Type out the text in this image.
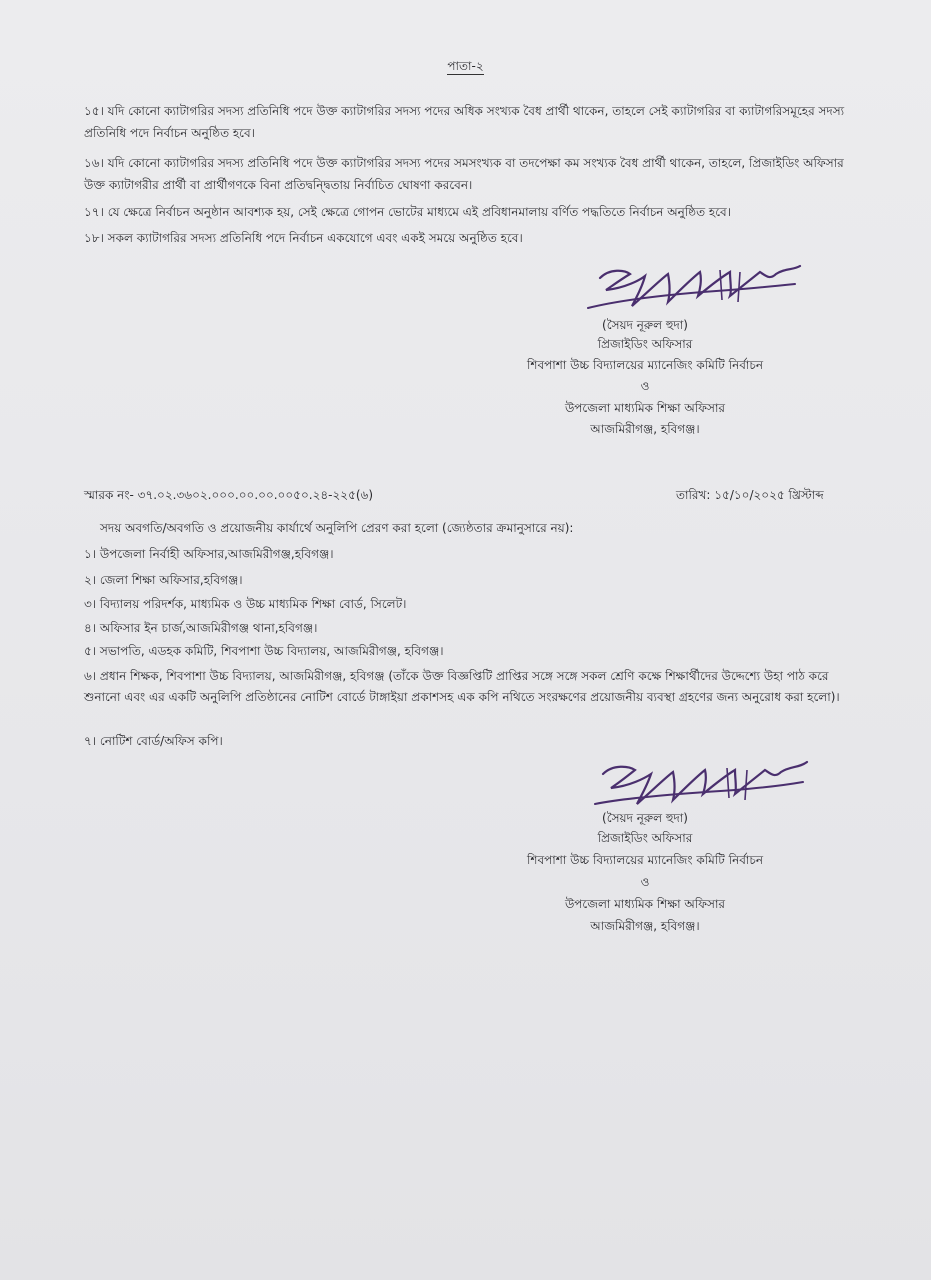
পাতা-২
১৫। যদি কোনো ক্যাটাগরির সদস্য প্রতিনিধি পদে উক্ত ক্যাটাগরির সদস্য পদের অধিক সংখ্যক বৈধ প্রার্থী থাকেন, তাহলে সেই ক্যাটাগরির বা ক্যাটাগরিসমূহের সদস্য প্রতিনিধি পদে নির্বাচন অনুষ্ঠিত হবে।
১৬। যদি কোনো ক্যাটাগরির সদস্য প্রতিনিধি পদে উক্ত ক্যাটাগরির সদস্য পদের সমসংখ্যক বা তদপেক্ষা কম সংখ্যক বৈধ প্রার্থী থাকেন, তাহলে, প্রিজাইডিং অফিসার উক্ত ক্যাটাগরীর প্রার্থী বা প্রার্থীগণকে বিনা প্রতিদ্বন্দ্বিতায় নির্বাচিত ঘোষণা করবেন।
১৭। যে ক্ষেত্রে নির্বাচন অনুষ্ঠান আবশ্যক হয়, সেই ক্ষেত্রে গোপন ভোটের মাধ্যমে এই প্রবিধানমালায় বর্ণিত পদ্ধতিতে নির্বাচন অনুষ্ঠিত হবে।
১৮। সকল ক্যাটাগরির সদস্য প্রতিনিধি পদে নির্বাচন একযোগে এবং একই সময়ে অনুষ্ঠিত হবে।
(সৈয়দ নূরুল হুদা)
প্রিজাইডিং অফিসার
শিবপাশা উচ্চ বিদ্যালয়ের ম্যানেজিং কমিটি নির্বাচন
ও
উপজেলা মাধ্যমিক শিক্ষা অফিসার
আজমিরীগঞ্জ, হবিগঞ্জ।
স্মারক নং- ৩৭.০২.৩৬০২.০০০.০০.০০.০০৫০.২৪-২২৫(৬)	তারিখ: ১৫/১০/২০২৫ খ্রিস্টাব্দ
সদয় অবগতি/অবগতি ও প্রয়োজনীয় কার্যার্থে অনুলিপি প্রেরণ করা হলো (জ্যেষ্ঠতার ক্রমানুসারে নয়):
১। উপজেলা নির্বাহী অফিসার,আজমিরীগঞ্জ,হবিগঞ্জ।
২। জেলা শিক্ষা অফিসার,হবিগঞ্জ।
৩। বিদ্যালয় পরিদর্শক, মাধ্যমিক ও উচ্চ মাধ্যমিক শিক্ষা বোর্ড, সিলেট।
৪। অফিসার ইন চার্জ,আজমিরীগঞ্জ থানা,হবিগঞ্জ।
৫। সভাপতি, এডহক কমিটি, শিবপাশা উচ্চ বিদ্যালয়, আজমিরীগঞ্জ, হবিগঞ্জ।
৬। প্রধান শিক্ষক, শিবপাশা উচ্চ বিদ্যালয়, আজমিরীগঞ্জ, হবিগঞ্জ (তাঁকে উক্ত বিজ্ঞপ্তিটি প্রাপ্তির সঙ্গে সঙ্গে সকল শ্রেণি কক্ষে শিক্ষার্থীদের উদ্দেশ্যে উহা পাঠ করে শুনানো এবং এর একটি অনুলিপি প্রতিষ্ঠানের নোটিশ বোর্ডে টাঙ্গাইয়া প্রকাশসহ এক কপি নথিতে সংরক্ষণের প্রয়োজনীয় ব্যবস্থা গ্রহণের জন্য অনুরোধ করা হলো)।
৭। নোটিশ বোর্ড/অফিস কপি।
(সৈয়দ নূরুল হুদা)
প্রিজাইডিং অফিসার
শিবপাশা উচ্চ বিদ্যালয়ের ম্যানেজিং কমিটি নির্বাচন
ও
উপজেলা মাধ্যমিক শিক্ষা অফিসার
আজমিরীগঞ্জ, হবিগঞ্জ।
